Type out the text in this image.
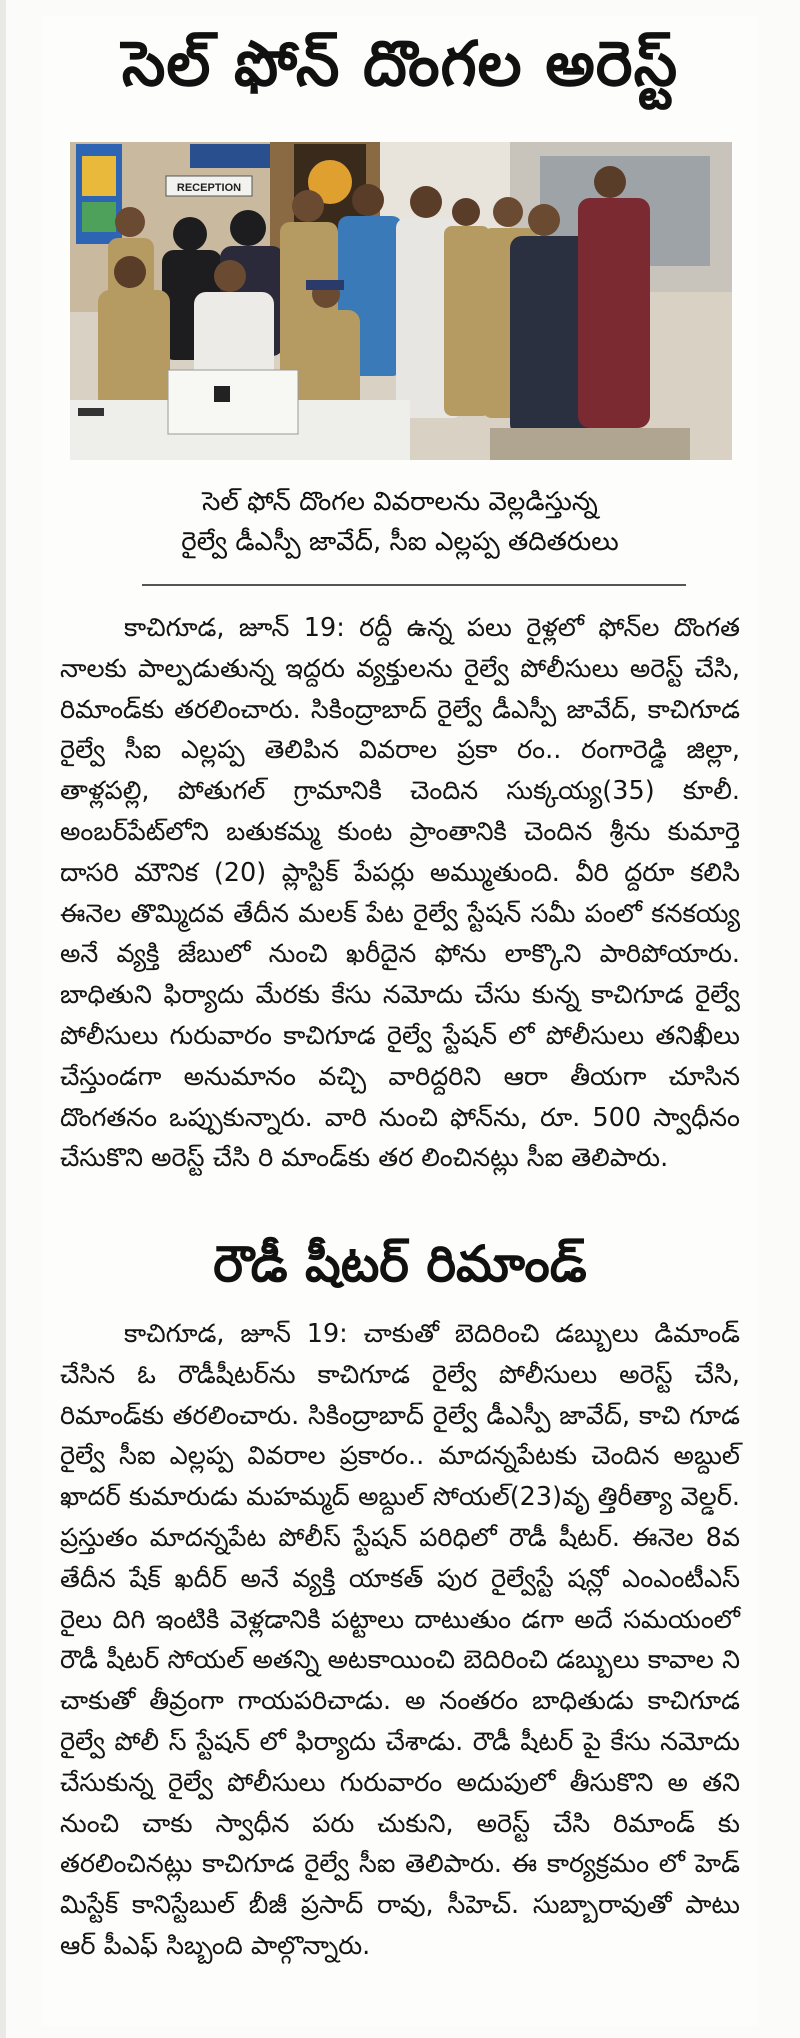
సెల్ ఫోన్ దొంగల అరెస్ట్
RECEPTION
సెల్ ఫోన్ దొంగల వివరాలను వెల్లడిస్తున్న
రైల్వే డీఎస్పీ జావేద్, సీఐ ఎల్లప్ప తదితరులు

కాచిగూడ, జూన్ 19: రద్దీ ఉన్న పలు రైళ్లలో ఫోన్‌ల దొంగత నాలకు పాల్పడుతున్న ఇద్దరు వ్యక్తులను రైల్వే పోలీసులు అరెస్ట్ చేసి, రిమాండ్‌కు తరలించారు. సికింద్రాబాద్ రైల్వే డీఎస్పీ జావేద్, కాచిగూడ రైల్వే సీఐ ఎల్లప్ప తెలిపిన వివరాల ప్రకా రం.. రంగారెడ్డి జిల్లా, తాళ్లపల్లి, పోతుగల్ గ్రామానికి చెందిన సుక్కయ్య(35) కూలీ. అంబర్‌పేట్‌లోని బతుకమ్మ కుంట ప్రాంతానికి చెందిన శ్రీను కుమార్తె దాసరి మౌనిక (20) ప్లాస్టిక్ పేపర్లు అమ్ముతుంది. వీరి ద్దరూ కలిసి ఈనెల తొమ్మిదవ తేదీన మలక్ పేట రైల్వే స్టేషన్ సమీ పంలో కనకయ్య అనే వ్యక్తి జేబులో నుంచి ఖరీదైన ఫోను లాక్కొని పారిపోయారు. బాధితుని ఫిర్యాదు మేరకు కేసు నమోదు చేసు కున్న కాచిగూడ రైల్వే పోలీసులు గురువారం కాచిగూడ రైల్వే స్టేషన్ లో పోలీసులు తనిఖీలు చేస్తుండగా అనుమానం వచ్చి వారిద్దరిని ఆరా తీయగా చూసిన దొంగతనం ఒప్పుకున్నారు. వారి నుంచి ఫోన్‌ను, రూ. 500 స్వాధీనం చేసుకొని అరెస్ట్ చేసి రి మాండ్‌కు తర లించినట్లు సీఐ తెలిపారు.

రౌడీ షీటర్ రిమాండ్

కాచిగూడ, జూన్ 19: చాకుతో బెదిరించి డబ్బులు డిమాండ్ చేసిన ఓ రౌడీషీటర్‌ను కాచిగూడ రైల్వే పోలీసులు అరెస్ట్ చేసి, రిమాండ్‌కు తరలించారు. సికింద్రాబాద్ రైల్వే డీఎస్పీ జావేద్, కాచి గూడ రైల్వే సీఐ ఎల్లప్ప వివరాల ప్రకారం.. మాదన్నపేటకు చెందిన అబ్దుల్ ఖాదర్ కుమారుడు మహమ్మద్ అబ్దుల్ సోయల్(23)వృ త్తిరీత్యా వెల్డర్. ప్రస్తుతం మాదన్నపేట పోలీస్ స్టేషన్ పరిధిలో రౌడీ షీటర్. ఈనెల 8వ తేదీన షేక్ ఖదీర్ అనే వ్యక్తి యాకత్ పుర రైల్వేస్టే షన్లో ఎంఎంటీఎస్ రైలు దిగి ఇంటికి వెళ్లడానికి పట్టాలు దాటుతుం డగా అదే సమయంలో రౌడీ షీటర్ సోయల్ అతన్ని అటకాయించి బెదిరించి డబ్బులు కావాల ని చాకుతో తీవ్రంగా గాయపరిచాడు. అ నంతరం బాధితుడు కాచిగూడ రైల్వే పోలీ స్ స్టేషన్ లో ఫిర్యాదు చేశాడు. రౌడీ షీటర్ పై కేసు నమోదు చేసుకున్న రైల్వే పోలీసులు గురువారం అదుపులో తీసుకొని అ తని నుంచి చాకు స్వాధీన పరు చుకుని, అరెస్ట్ చేసి రిమాండ్ కు తరలించినట్లు కాచిగూడ రైల్వే సీఐ తెలిపారు. ఈ కార్యక్రమం లో హెడ్ మిస్టేక్ కానిస్టేబుల్ బీజీ ప్రసాద్ రావు, సీహెచ్. సుబ్బారావుతో పాటు ఆర్ పీఎఫ్ సిబ్బంది పాల్గొన్నారు.
